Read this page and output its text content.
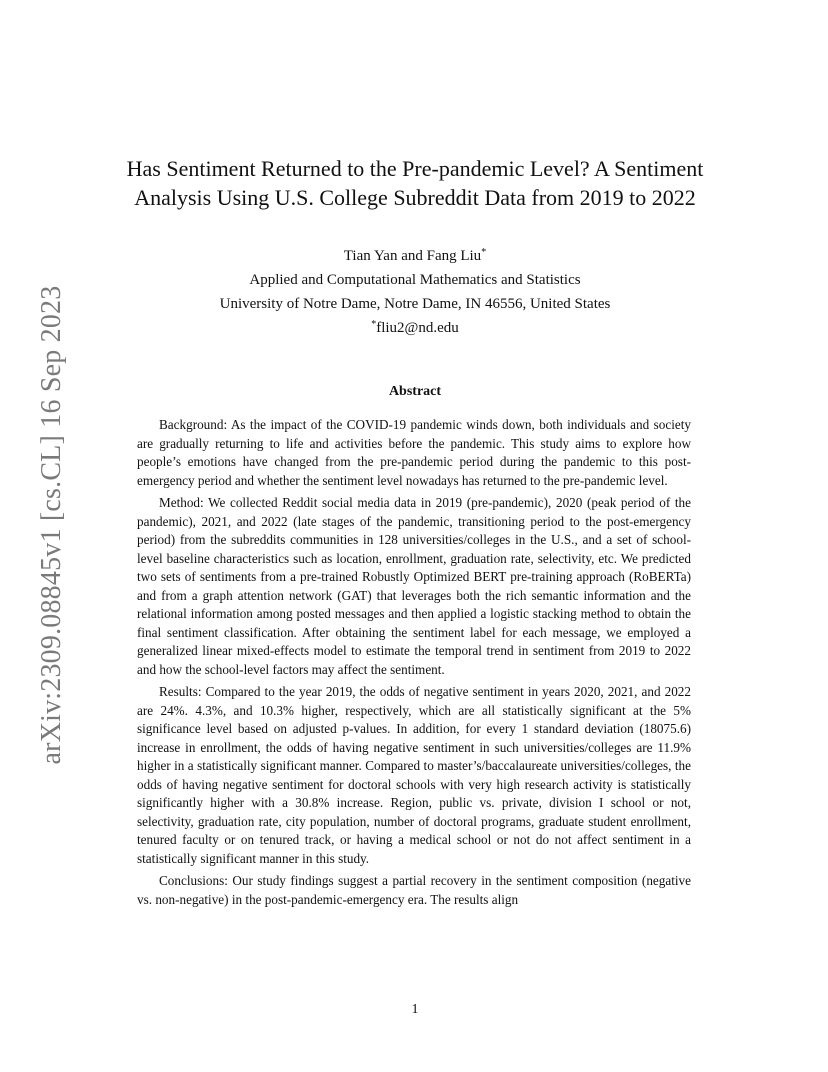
arXiv:2309.08845v1 [cs.CL] 16 Sep 2023
Has Sentiment Returned to the Pre-pandemic Level? A Sentiment Analysis Using U.S. College Subreddit Data from 2019 to 2022
Tian Yan and Fang Liu*
Applied and Computational Mathematics and Statistics
University of Notre Dame, Notre Dame, IN 46556, United States
*fliu2@nd.edu
Abstract

Background: As the impact of the COVID-19 pandemic winds down, both individuals and society are gradually returning to life and activities before the pandemic. This study aims to explore how people’s emotions have changed from the pre-pandemic period during the pandemic to this post-emergency period and whether the sentiment level nowadays has returned to the pre-pandemic level.

Method: We collected Reddit social media data in 2019 (pre-pandemic), 2020 (peak period of the pandemic), 2021, and 2022 (late stages of the pandemic, transitioning period to the post-emergency period) from the subreddits communities in 128 universities/colleges in the U.S., and a set of school-level baseline characteristics such as location, enrollment, graduation rate, selectivity, etc. We predicted two sets of sentiments from a pre-trained Robustly Optimized BERT pre-training approach (RoBERTa) and from a graph attention network (GAT) that leverages both the rich semantic information and the relational information among posted messages and then applied a logistic stacking method to obtain the final sentiment classification. After obtaining the sentiment label for each message, we employed a generalized linear mixed-effects model to estimate the temporal trend in sentiment from 2019 to 2022 and how the school-level factors may affect the sentiment.

Results: Compared to the year 2019, the odds of negative sentiment in years 2020, 2021, and 2022 are 24%. 4.3%, and 10.3% higher, respectively, which are all statistically significant at the 5% significance level based on adjusted p-values. In addition, for every 1 standard deviation (18075.6) increase in enrollment, the odds of having negative sentiment in such universities/colleges are 11.9% higher in a statistically significant manner. Compared to master’s/baccalaureate universities/colleges, the odds of having negative sentiment for doctoral schools with very high research activity is statistically significantly higher with a 30.8% increase. Region, public vs. private, division I school or not, selectivity, graduation rate, city population, number of doctoral programs, graduate student enrollment, tenured faculty or on tenured track, or having a medical school or not do not affect sentiment in a statistically significant manner in this study.

Conclusions: Our study findings suggest a partial recovery in the sentiment composition (negative vs. non-negative) in the post-pandemic-emergency era. The results align

1
